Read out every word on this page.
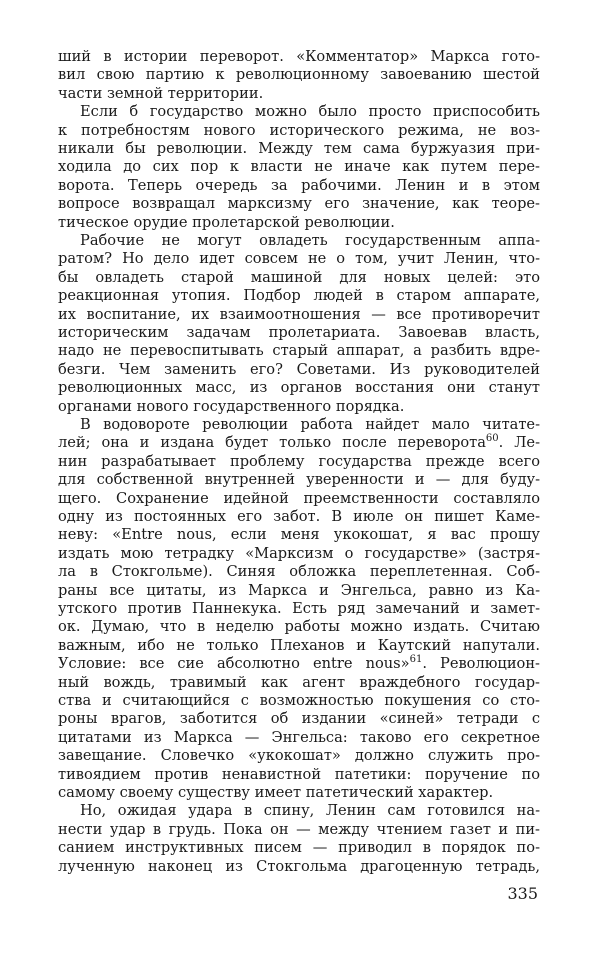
ший в истории переворот. «Комментатор» Маркса гото-
вил свою партию к революционному завоеванию шестой
части земной территории.
Если б государство можно было просто приспособить
к потребностям нового исторического режима, не воз-
никали бы революции. Между тем сама буржуазия при-
ходила до сих пор к власти не иначе как путем пере-
ворота. Теперь очередь за рабочими. Ленин и в этом
вопросе возвращал марксизму его значение, как теоре-
тическое орудие пролетарской революции.
Рабочие не могут овладеть государственным аппа-
ратом? Но дело идет совсем не о том, учит Ленин, что-
бы овладеть старой машиной для новых целей: это
реакционная утопия. Подбор людей в старом аппарате,
их воспитание, их взаимоотношения — все противоречит
историческим задачам пролетариата. Завоевав власть,
надо не перевоспитывать старый аппарат, а разбить вдре-
безги. Чем заменить его? Советами. Из руководителей
революционных масс, из органов восстания они станут
органами нового государственного порядка.
В водовороте революции работа найдет мало читате-
лей; она и издана будет только после переворота$^{60}$. Ле-
нин разрабатывает проблему государства прежде всего
для собственной внутренней уверенности и — для буду-
щего. Сохранение идейной преемственности составляло
одну из постоянных его забот. В июле он пишет Каме-
неву: «Entre nous, если меня укокошат, я вас прошу
издать мою тетрадку «Марксизм о государстве» (застря-
ла в Стокгольме). Синяя обложка переплетенная. Соб-
раны все цитаты, из Маркса и Энгельса, равно из Ка-
утского против Паннекука. Есть ряд замечаний и замет-
ок. Думаю, что в неделю работы можно издать. Считаю
важным, ибо не только Плеханов и Каутский напутали.
Условие: все сие абсолютно entre nous»$^{61}$. Революцион-
ный вождь, травимый как агент враждебного государ-
ства и считающийся с возможностью покушения со сто-
роны врагов, заботится об издании «синей» тетради с
цитатами из Маркса — Энгельса: таково его секретное
завещание. Словечко «укокошат» должно служить про-
тивоядием против ненавистной патетики: поручение по
самому своему существу имеет патетический характер.
Но, ожидая удара в спину, Ленин сам готовился на-
нести удар в грудь. Пока он — между чтением газет и пи-
санием инструктивных писем — приводил в порядок по-
лученную наконец из Стокгольма драгоценную тетрадь,
335
